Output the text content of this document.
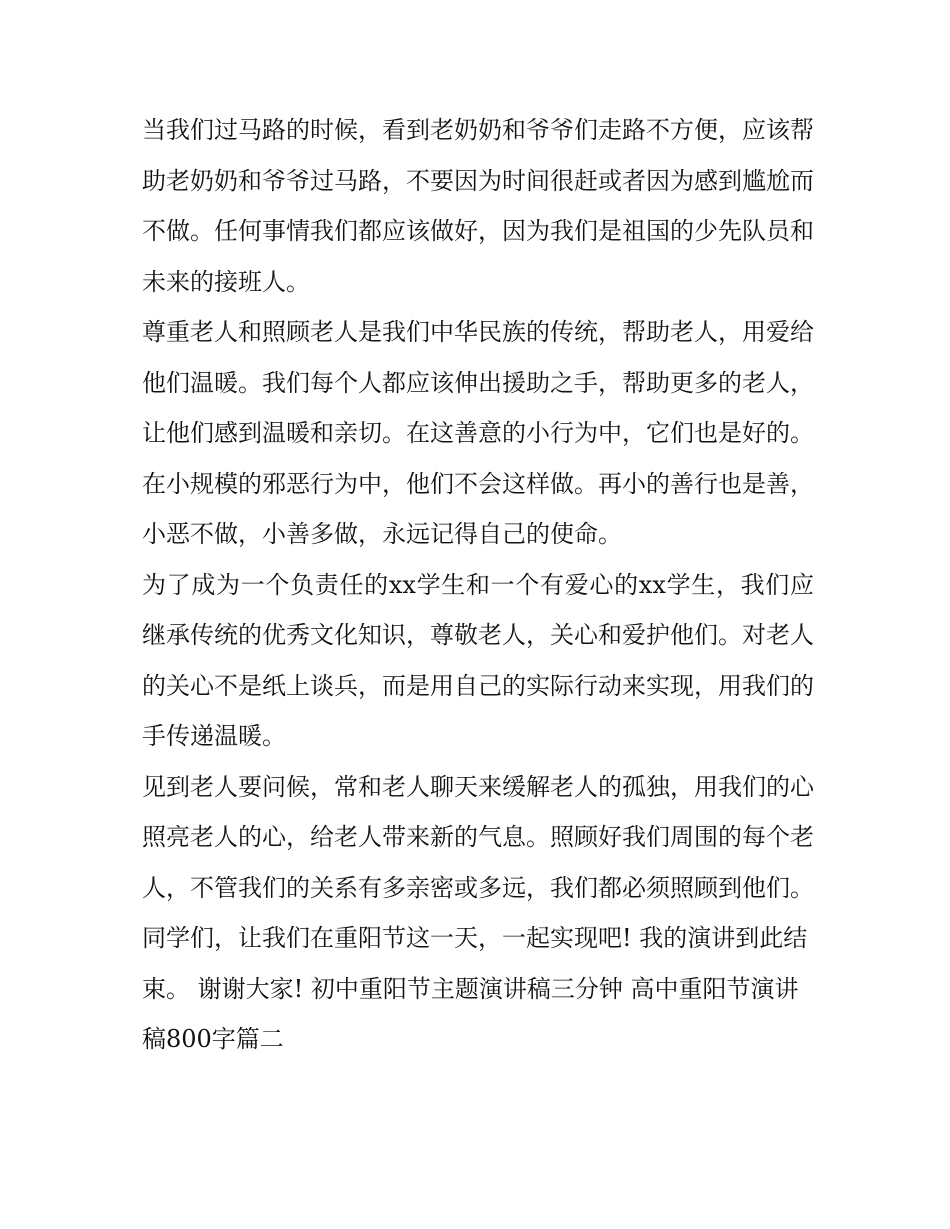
当我们过马路的时候，看到老奶奶和爷爷们走路不方便，应该帮助老奶奶和爷爷过马路，不要因为时间很赶或者因为感到尴尬而不做。任何事情我们都应该做好，因为我们是祖国的少先队员和未来的接班人。

尊重老人和照顾老人是我们中华民族的传统，帮助老人，用爱给他们温暖。我们每个人都应该伸出援助之手，帮助更多的老人，让他们感到温暖和亲切。在这善意的小行为中，它们也是好的。在小规模的邪恶行为中，他们不会这样做。再小的善行也是善，小恶不做，小善多做，永远记得自己的使命。

为了成为一个负责任的xx学生和一个有爱心的xx学生，我们应继承传统的优秀文化知识，尊敬老人，关心和爱护他们。对老人的关心不是纸上谈兵，而是用自己的实际行动来实现，用我们的手传递温暖。

见到老人要问候，常和老人聊天来缓解老人的孤独，用我们的心照亮老人的心，给老人带来新的气息。照顾好我们周围的每个老人，不管我们的关系有多亲密或多远，我们都必须照顾到他们。

同学们，让我们在重阳节这一天，一起实现吧! 我的演讲到此结束。 谢谢大家! 初中重阳节主题演讲稿三分钟 高中重阳节演讲稿800字篇二
